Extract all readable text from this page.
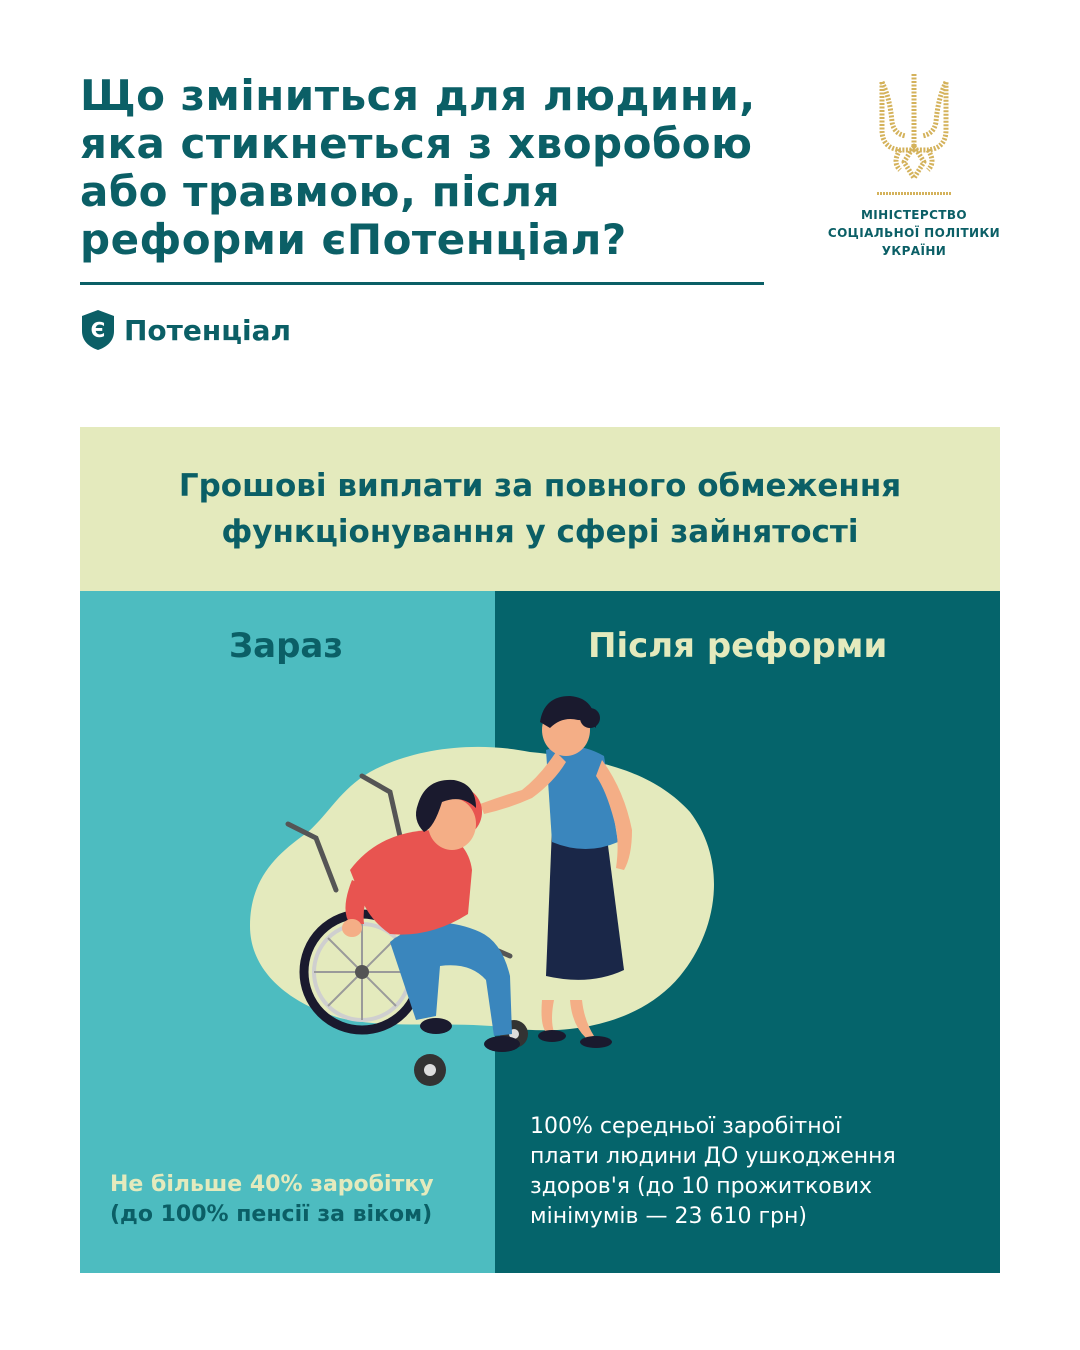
Що зміниться для людини,
яка стикнеться з хворобою
або травмою, після
реформи єПотенціал?
Є Потенціал
МІНІСТЕРСТВО
СОЦІАЛЬНОЇ ПОЛІТИКИ
УКРАЇНИ
Грошові виплати за повного обмеження
функціонування у сфері зайнятості
Зараз	Після реформи
Не більше 40% заробітку
(до 100% пенсії за віком)
100% середньої заробітної
плати людини ДО ушкодження
здоров'я (до 10 прожиткових
мінімумів — 23 610 грн)
